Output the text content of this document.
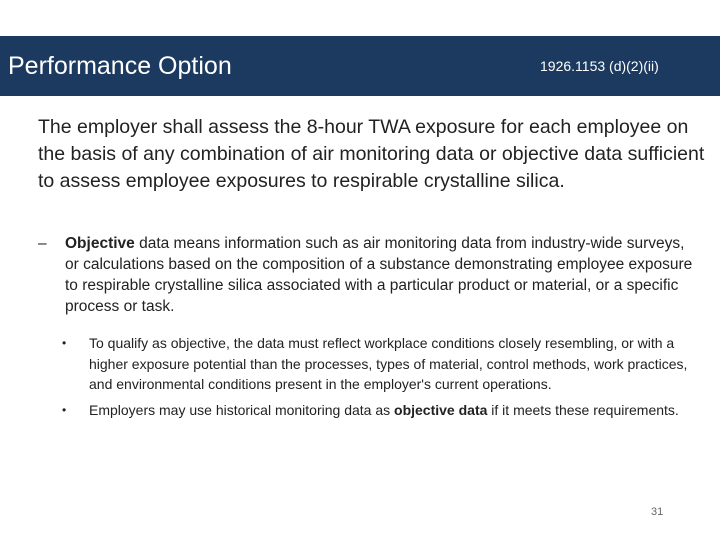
Performance Option	1926.1153 (d)(2)(ii)

The employer shall assess the 8-hour TWA exposure for each employee on the basis of any combination of air monitoring data or objective data sufficient to assess employee exposures to respirable crystalline silica.

– Objective data means information such as air monitoring data from industry-wide surveys, or calculations based on the composition of a substance demonstrating employee exposure to respirable crystalline silica associated with a particular product or material, or a specific process or task.
• To qualify as objective, the data must reflect workplace conditions closely resembling, or with a higher exposure potential than the processes, types of material, control methods, work practices, and environmental conditions present in the employer's current operations.
• Employers may use historical monitoring data as objective data if it meets these requirements.
31
